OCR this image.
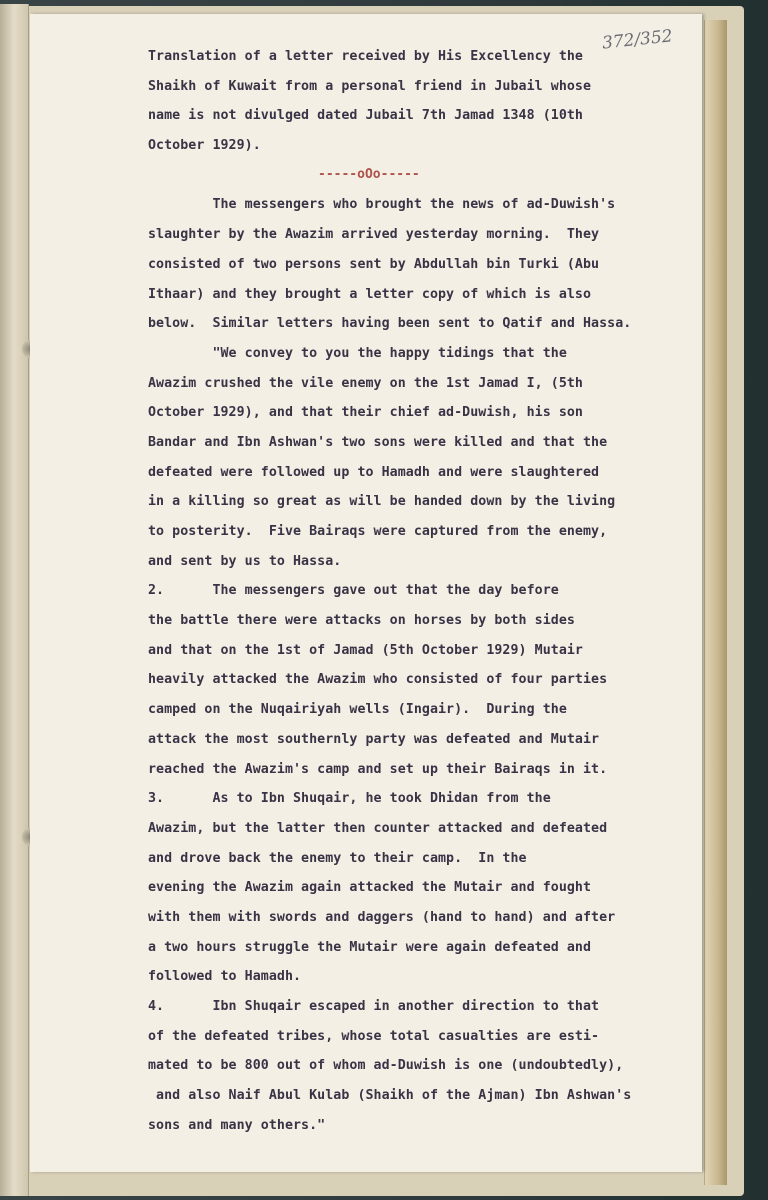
372/352
-----oOo-----
Translation of a letter received by His Excellency the
Shaikh of Kuwait from a personal friend in Jubail whose
name is not divulged dated Jubail 7th Jamad 1348 (10th
October 1929).
The messengers who brought the news of ad-Duwish's
slaughter by the Awazim arrived yesterday morning.  They
consisted of two persons sent by Abdullah bin Turki (Abu
Ithaar) and they brought a letter copy of which is also
below.  Similar letters having been sent to Qatif and Hassa.
"We convey to you the happy tidings that the
Awazim crushed the vile enemy on the 1st Jamad I, (5th
October 1929), and that their chief ad-Duwish, his son
Bandar and Ibn Ashwan's two sons were killed and that the
defeated were followed up to Hamadh and were slaughtered
in a killing so great as will be handed down by the living
to posterity.  Five Bairaqs were captured from the enemy,
and sent by us to Hassa.
2.      The messengers gave out that the day before
the battle there were attacks on horses by both sides
and that on the 1st of Jamad (5th October 1929) Mutair
heavily attacked the Awazim who consisted of four parties
camped on the Nuqairiyah wells (Ingair).  During the
attack the most southernly party was defeated and Mutair
reached the Awazim's camp and set up their Bairaqs in it.
3.      As to Ibn Shuqair, he took Dhidan from the
Awazim, but the latter then counter attacked and defeated
and drove back the enemy to their camp.  In the
evening the Awazim again attacked the Mutair and fought
with them with swords and daggers (hand to hand) and after
a two hours struggle the Mutair were again defeated and
followed to Hamadh.
4.      Ibn Shuqair escaped in another direction to that
of the defeated tribes, whose total casualties are esti-
mated to be 800 out of whom ad-Duwish is one (undoubtedly),
and also Naif Abul Kulab (Shaikh of the Ajman) Ibn Ashwan's
sons and many others."
